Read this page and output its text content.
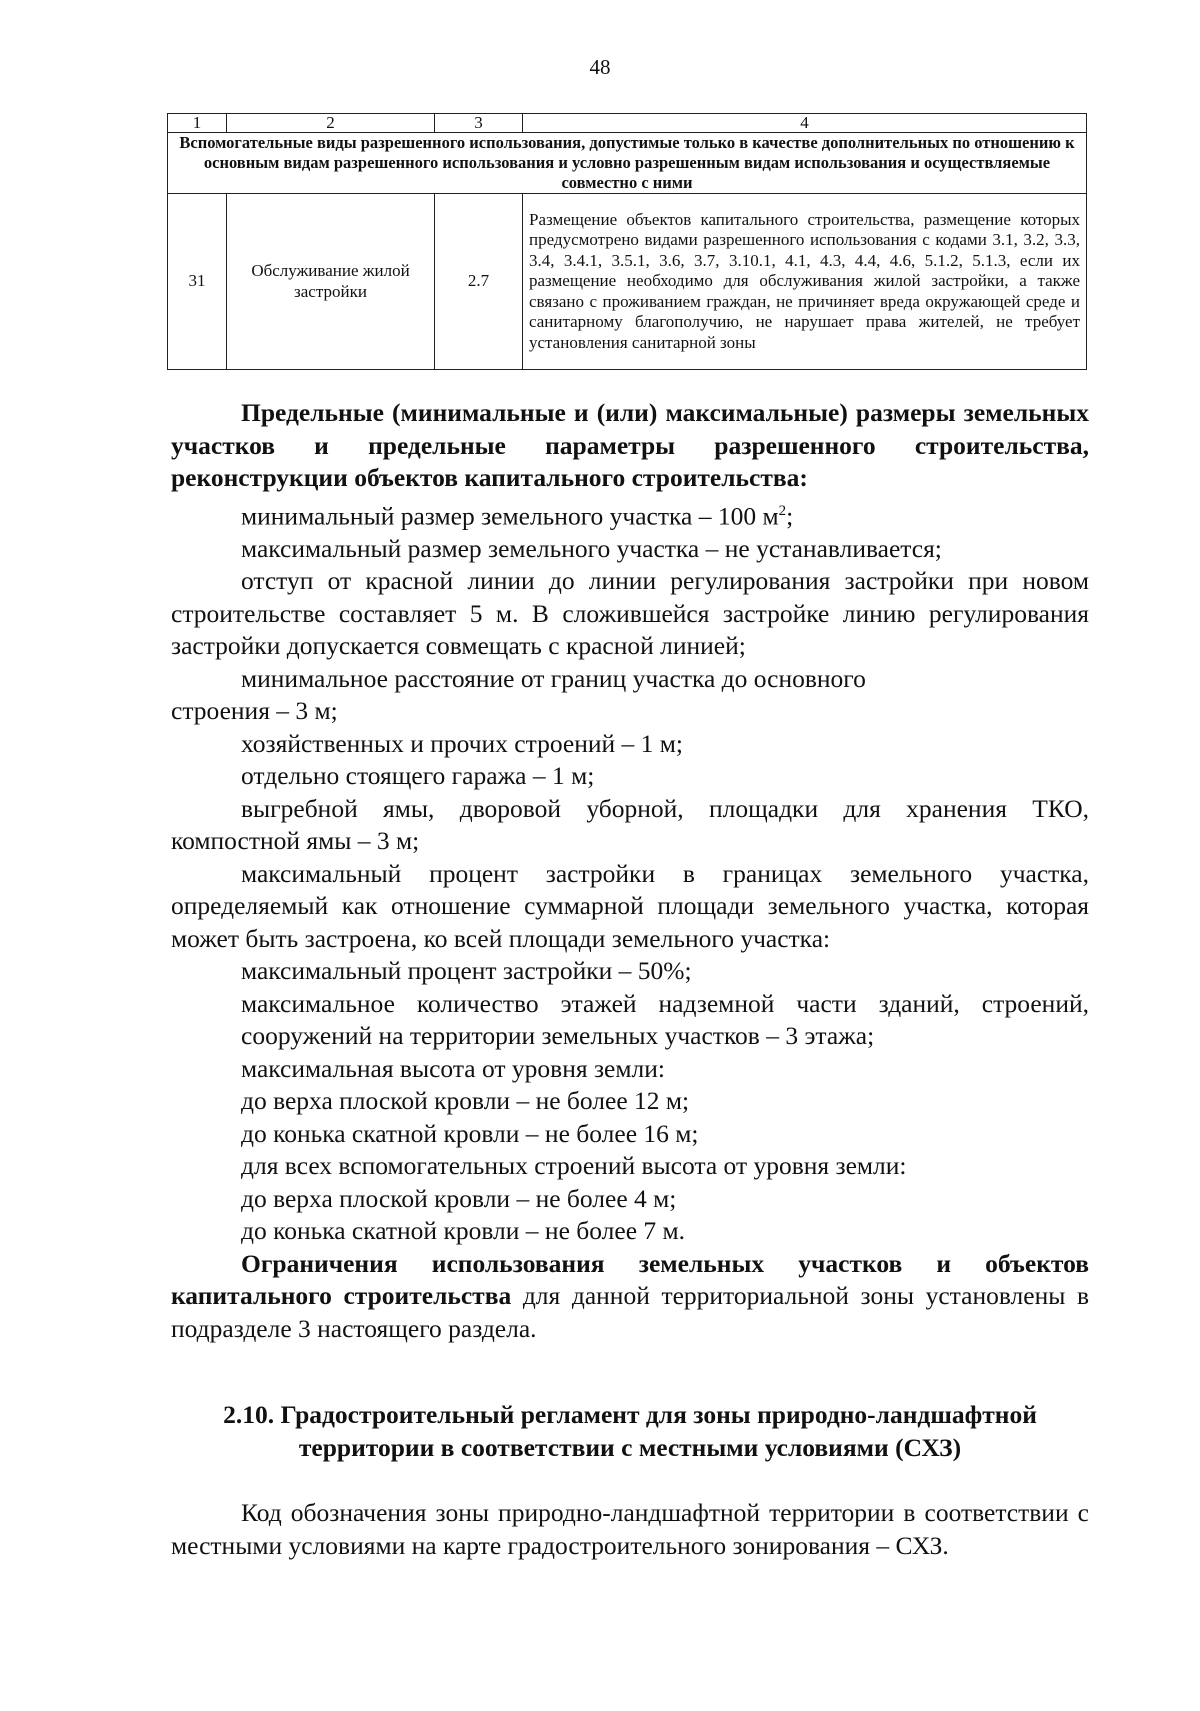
48
1	2	3	4
Вспомогательные виды разрешенного использования, допустимые только в качестве дополнительных по отношению к основным видам разрешенного использования и условно разрешенным видам использования и осуществляемые совместно с ними			
31	Обслуживание жилой застройки	2.7	Размещение объектов капитального строительства, размещение которых предусмотрено видами разрешенного использования с кодами 3.1, 3.2, 3.3, 3.4, 3.4.1, 3.5.1, 3.6, 3.7, 3.10.1, 4.1, 4.3, 4.4, 4.6, 5.1.2, 5.1.3, если их размещение необходимо для обслуживания жилой застройки, а также связано с проживанием граждан, не причиняет вреда окружающей среде и санитарному благополучию, не нарушает права жителей, не требует установления санитарной зоны

Предельные (минимальные и (или) максимальные) размеры земельных участков и предельные параметры разрешенного строительства, реконструкции объектов капитального строительства:

минимальный размер земельного участка – 100 $м^2$;

максимальный размер земельного участка – не устанавливается;

отступ от красной линии до линии регулирования застройки при новом строительстве составляет 5 м. В сложившейся застройке линию регулирования застройки допускается совмещать с красной линией;

минимальное расстояние от границ участка до основного

строения – 3 м;

хозяйственных и прочих строений – 1 м;

отдельно стоящего гаража – 1 м;

выгребной ямы, дворовой уборной, площадки для хранения ТКО, компостной ямы – 3 м;

максимальный процент застройки в границах земельного участка, определяемый как отношение суммарной площади земельного участка, которая может быть застроена, ко всей площади земельного участка:

максимальный процент застройки – 50%;

максимальное количество этажей надземной части зданий, строений, сооружений на территории земельных участков – 3 этажа;

максимальная высота от уровня земли:

до верха плоской кровли – не более 12 м;

до конька скатной кровли – не более 16 м;

для всех вспомогательных строений высота от уровня земли:

до верха плоской кровли – не более 4 м;

до конька скатной кровли – не более 7 м.

Ограничения использования земельных участков и объектов капитального строительства для данной территориальной зоны установлены в подразделе 3 настоящего раздела.

2.10. Градостроительный регламент для зоны природно-ландшафтной территории в соответствии с местными условиями (СХЗ)

Код обозначения зоны природно-ландшафтной территории в соответствии с местными условиями на карте градостроительного зонирования – СХЗ.
